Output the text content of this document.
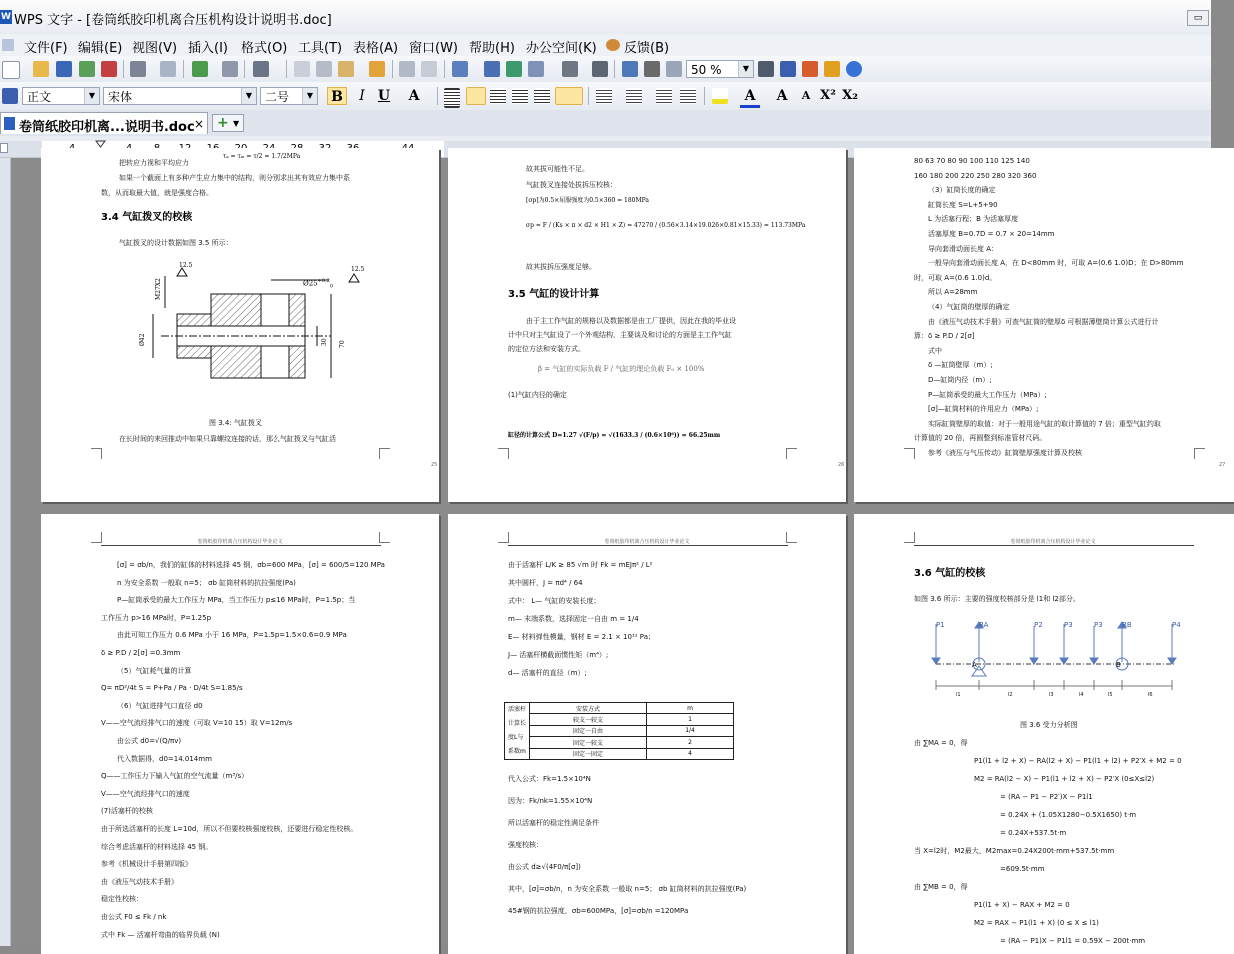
W WPS 文字 - [卷筒纸胶印机离合压机构设计说明书.doc]	▭
文件(F) 编辑(E) 视图(V) 插入(I) 格式(O) 工具(T) 表格(A) 窗口(W) 帮助(H) 办公空间(K) 反馈(B)
50 %	▼
正文	▼	宋体	▼	二号	▼ B	I U	A	A	A	A X² X₂
卷筒纸胶印机离...说明书.doc × + ▼
把转应力视和平均应力
τₐ = τₘ = τ/2 = 1.7/2MPa
如果一个截面上有多种产生应力集中的结构，则分别求出其有效应力集中系
数，从而取最大值，就是强度合格。
3.4 气缸拨叉的校核
气缸拨叉的设计数据如图 3.5 所示：
$Ø25^{+0.2}_0$
12.5
12.5
M27X2
Ø42	30 70
图 3.4: 气缸拨叉
在长时间的来回推动中如果只靠螺纹连接的话，那么气缸拨叉与气缸活
25
故其拔可能性不足。
气缸拨叉连接处拔拆压校核：
[σp]为0.5×屈服强度为0.5×360 = 180MPa
σp = F / (Ks × π × d2 × H1 × Z) = 47270 / (0.56×3.14×19.026×0.81×15.33) = 113.73MPa
故其拔拆压强度足够。
3.5 气缸的设计计算
由于主工作气缸的规格以及数据都是由工厂提供，因此在我的毕业设
计中只对主气缸设了一个外观结构，主要谈及和讨论的方面是主工作气缸
的定位方法和安装方式。
β = 气缸的实际负载 F / 气缸的理论负载 F₀ × 100%
(1)气缸内径的确定
缸径的计算公式 D=1.27 √(F/p) = √(1633.3 / (0.6×10⁶)) = 66.25mm
26
80 63 70 80 90 100 110 125 140
160 180 200 220 250 280 320 360
（3）缸筒长度的确定
缸筒长度 S=L+5+90
L 为活塞行程；B 为活塞厚度
活塞厚度 B=0.7D = 0.7 × 20=14mm
导向套滑动面长度 A：
一般导向套滑动面长度 A，在 D<80mm 时，可取 A=(0.6 1.0)D；在 D>80mm
时，可取 A=(0.6 1.0)d。
所以 A=28mm
（4）气缸筒的壁厚的确定
由《液压气动技术手册》可查气缸筒的壁厚δ 可根据薄壁筒计算公式进行计
算：δ ≥ P.D / 2[σ]
式中
δ —缸筒壁厚（m）;
D—缸筒内径（m）;
P—缸筒承受的最大工作压力（MPa）;
[σ]—缸筒材料的许用应力（MPa）;
实际缸筒壁厚的取值：对于一般用途气缸的取计算值的 7 倍；重型气缸约取
计算值的 20 倍，再圆整到标准管材尺码。
参考《液压与气压传动》缸筒壁厚强度计算及校核
27
卷筒纸胶印机离合压机构设计毕业论文
[σ] = σb/n，我们的缸体的材料选择 45 钢，σb=600 MPa，[σ] = 600/5=120 MPa
n 为安全系数 一般取 n=5； σb 缸筒材料的抗拉强度(Pa)
P—缸筒承受的最大工作压力 MPa，当工作压力 p≤16 MPa时，P=1.5p；当
工作压力 p>16 MPa时，P=1.25p
由此可知工作压力 0.6 MPa 小于 16 MPa，P=1.5p=1.5×0.6=0.9 MPa
δ ≥ P.D / 2[σ] =0.3mm
（5）气缸耗气量的计算
Q= πD²/4t S = P+Pa / Pa · D/4t S=1.85/s
（6）气缸进排气口直径 d0
V——空气流经排气口的速度（可取 V=10 15）取 V=12m/s
由公式 d0=√(Q/πv)
代入数据得，d0=14.014mm
Q——工作压力下输入气缸的空气流量（m³/s）
V——空气流经排气口的速度
(7)活塞杆的校核
由于所选活塞杆的长度 L=10d，所以不但要校核强度校核，还要进行稳定性校核。
综合考虑活塞杆的材料选择 45 钢。
参考《机械设计手册第四版》
由《液压气动技术手册》
稳定性校核：
由公式 F0 ≤ Fk / nk
式中 Fk — 活塞杆弯曲的临界负载 (N)
卷筒纸胶印机离合压机构设计毕业论文
由于活塞杆 L/K ≥ 85 √m 时 Fk = mEJπ² / L²
其中圆杆，J = πd⁴ / 64
式中： L— 气缸的安装长度；
m— 末端系数，选择固定一自由 m = 1/4
E— 材料弹性模量，钢材 E = 2.1 × 10¹¹ Pa；
J— 活塞杆横截面惯性矩（m⁴）;
d— 活塞杆的直径（m）;
活塞杆
计算长
度L与
系数m	安装方式	m
	较支一较支	1
	固定一自由	1/4
	固定一较支	2
	固定一固定	4
代入公式：Fk=1.5×10⁴N
因为：Fk/nk=1.55×10⁴N
所以活塞杆的稳定性满足条件
强度校核：
由公式 d≥√(4F0/π[σ])
其中，[σ]=σb/n，n 为安全系数 一般取 n=5； σb 缸筒材料的抗拉强度(Pa)
45#钢的抗拉强度，σb=600MPa，[σ]=σb/n =120MPa
卷筒纸胶印机离合压机构设计毕业论文
3.6 气缸的校核
如图 3.6 所示：主要的强度校核部分是 l1和 l2部分。
P1	RA	P2	P3	P3	RB	P4
l1	l2	l3	l4	l5	l6
A	B
图 3.6 受力分析图
由 ∑MA = 0，得
P1(l1 + l2 + X) − RA(l2 + X) − P1(l1 + l2) + P2′X + M2 = 0
M2 = RA(l2 − X) − P1(l1 + l2 + X) − P2′X (0≤X≤l2)
= (RA − P1 − P2′)X − P1l1
= 0.24X + (1.05X1280−0.5X1650) t·m
= 0.24X+537.5t·m
当 X=l2时，M2最大，M2max=0.24X200t·mm+537.5t·mm
=609.5t·mm
由 ∑MB = 0，得
P1(l1 + X) − RAX + M2 = 0
M2 = RAX − P1(l1 + X) (0 ≤ X ≤ l1)
= (RA − P1)X − P1l1 = 0.59X − 200t·mm
